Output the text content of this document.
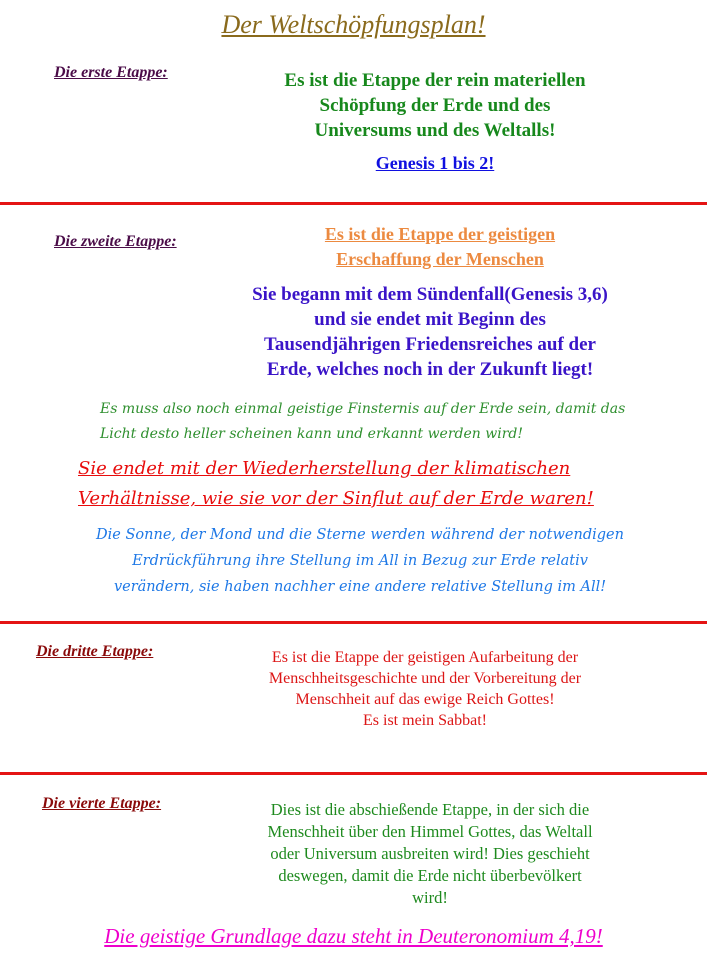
Der Weltschöpfungsplan!
Die erste Etappe:	Es ist die Etappe der rein materiellen
Schöpfung der Erde und des
Universums und des Weltalls!
Genesis 1 bis 2!
Die zweite Etappe:	Es ist die Etappe der geistigen
Erschaffung der Menschen
Sie begann mit dem Sündenfall(Genesis 3,6)
und sie endet mit Beginn des
Tausendjährigen Friedensreiches auf der
Erde, welches noch in der Zukunft liegt!
Es muss also noch einmal geistige Finsternis auf der Erde sein, damit das
Licht desto heller scheinen kann und erkannt werden wird!
Sie endet mit der Wiederherstellung der klimatischen
Verhältnisse, wie sie vor der Sinflut auf der Erde waren!
Die Sonne, der Mond und die Sterne werden während der notwendigen
Erdrückführung ihre Stellung im All in Bezug zur Erde relativ
verändern, sie haben nachher eine andere relative Stellung im All!
Die dritte Etappe:	Es ist die Etappe der geistigen Aufarbeitung der
Menschheitsgeschichte und der Vorbereitung der
Menschheit auf das ewige Reich Gottes!
Es ist mein Sabbat!
Die vierte Etappe:	Dies ist die abschießende Etappe, in der sich die
Menschheit über den Himmel Gottes, das Weltall
oder Universum ausbreiten wird! Dies geschieht
deswegen, damit die Erde nicht überbevölkert
wird!
Die geistige Grundlage dazu steht in Deuteronomium 4,19!
